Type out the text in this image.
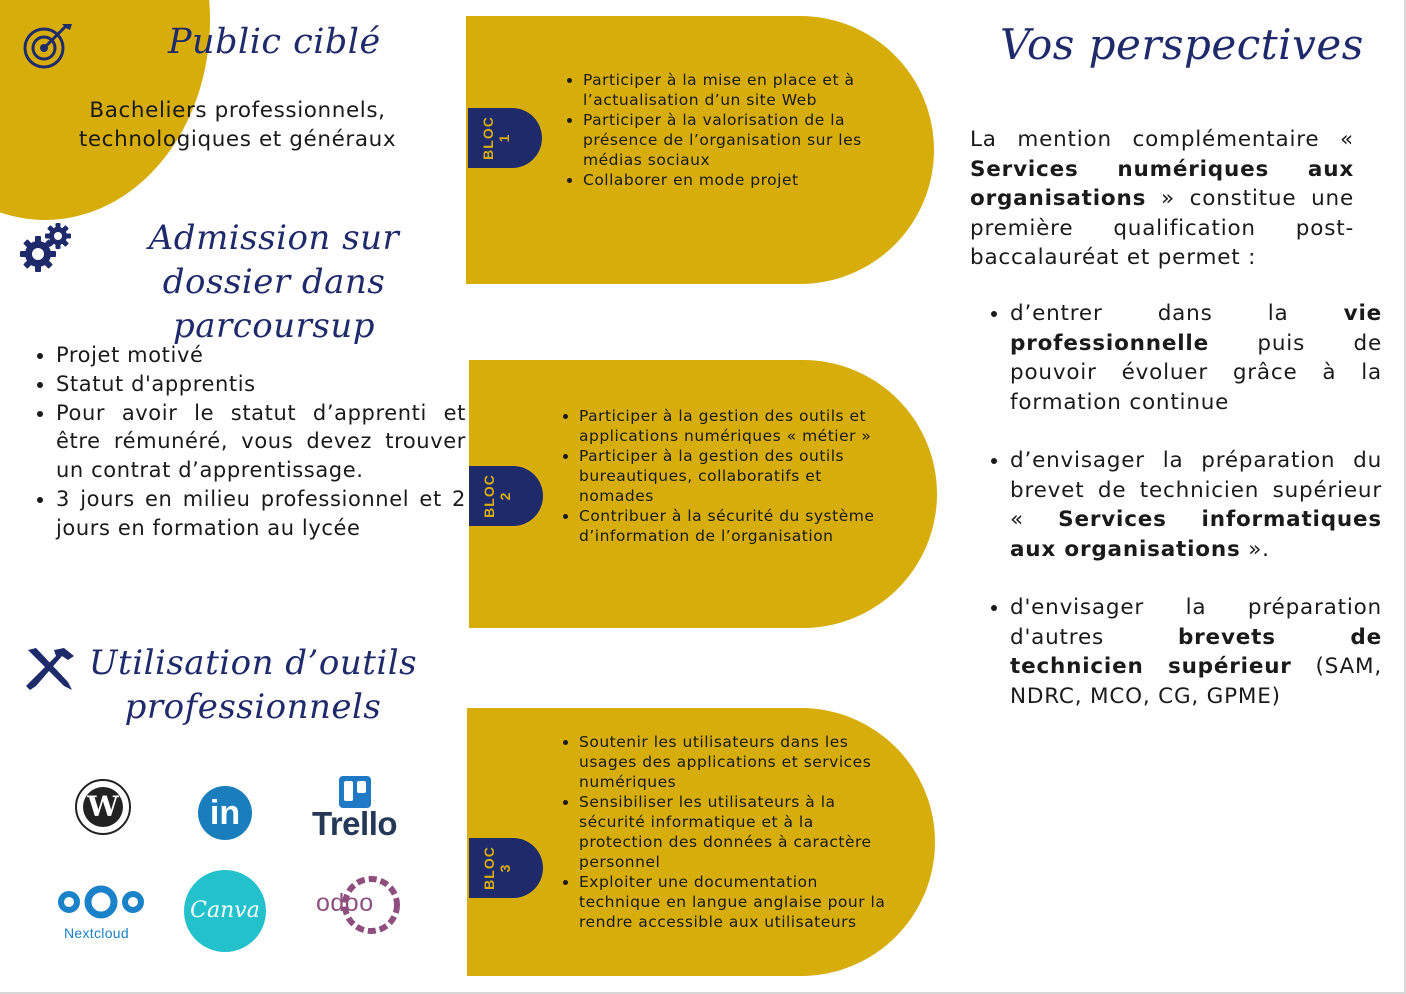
Public ciblé
Bacheliers professionnels, technologiques et généraux
Admission sur dossier dans parcoursup
• Projet motivé
• Statut d'apprentis
• Pour avoir le statut d’apprenti et être rémunéré, vous devez trouver un contrat d’apprentissage.
• 3 jours en milieu professionnel et 2 jours en formation au lycée
Utilisation d’outils professionnels
W	in	Trello
Nextcloud
Canva odoo
BLOC
1
• Participer à la mise en place et à l’actualisation d’un site Web
• Participer à la valorisation de la présence de l’organisation sur les médias sociaux
• Collaborer en mode projet
BLOC
2
• Participer à la gestion des outils et applications numériques « métier »
• Participer à la gestion des outils bureautiques, collaboratifs et nomades
• Contribuer à la sécurité du système d’information de l’organisation
BLOC
3
• Soutenir les utilisateurs dans les usages des applications et services numériques
• Sensibiliser les utilisateurs à la sécurité informatique et à la protection des données à caractère personnel
• Exploiter une documentation technique en langue anglaise pour la rendre accessible aux utilisateurs
Vos perspectives
La mention complémentaire « Services numériques aux organisations » constitue une première qualification post-baccalauréat et permet :
• d’entrer dans la	vie professionnelle puis de pouvoir évoluer grâce à la formation continue
• d’envisager la préparation du brevet de technicien supérieur « Services informatiques aux organisations ».
• d'envisager la préparation d'autres	brevets de technicien supérieur (SAM, NDRC, MCO, CG, GPME)
